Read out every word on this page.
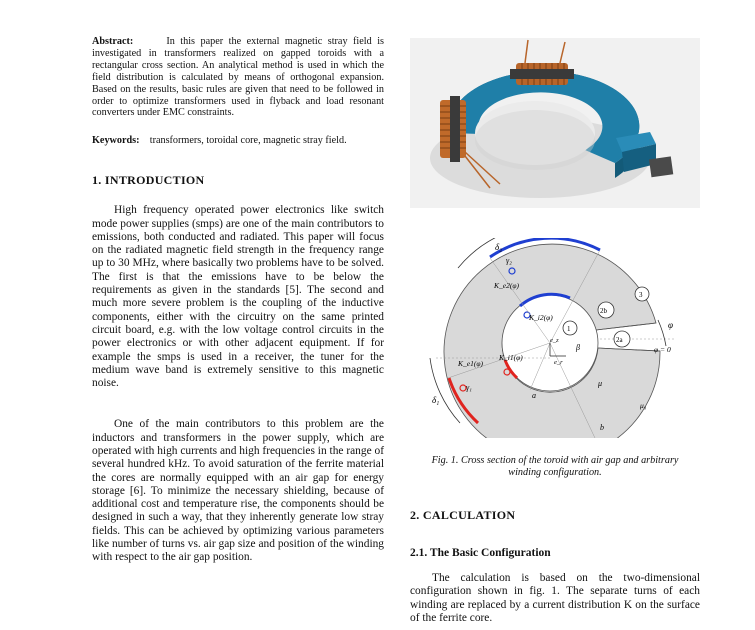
Abstract:	In this paper the external magnetic stray field is investigated in transformers realized on gapped toroids with a rectangular cross section. An analytical method is used in which the field distribution is calculated by means of orthogonal expansion. Based on the results, basic rules are given that need to be followed in order to optimize transformers used in flyback and load resonant converters under EMC constraints.

Keywords: transformers, toroidal core, magnetic stray field.

1. INTRODUCTION

High frequency operated power electronics like switch mode power supplies (smps) are one of the main contributors to emissions, both conducted and radiated. This paper will focus on the radiated magnetic field strength in the frequency range up to 30 MHz, where basically two problems have to be solved. The first is that the emissions have to be below the requirements as given in the standards [5]. The second and much more severe problem is the coupling of the inductive components, either with the circuitry on the same printed circuit board, e.g. with the low voltage control circuits in the power electronics or with other adjacent equipment. If for example the smps is used in a receiver, the tuner for the medium wave band is extremely sensitive to this magnetic noise.

One of the main contributors to this problem are the inductors and transformers in the power supply, which are operated with high currents and high frequencies in the range of several hundred kHz. To avoid saturation of the ferrite material the cores are normally equipped with an air gap for energy storage [6]. To minimize the necessary shielding, because of additional cost and temperature rise, the components should be designed in such a way, that they inherently generate low stray fields. This can be achieved by optimizing various parameters like number of turns vs. air gap size and position of the winding with respect to the air gap position.

δ₂
γ₂
K_e2(φ)
K_i2(φ)
K_e1(φ)
K_i1(φ)
γ₁
δ₁
1
2b
2a
3
φ
φ = 0
β
μ
μ₀
a
b
e_z
e_r

Fig. 1. Cross section of the toroid with air gap and arbitrary winding configuration.

2. CALCULATION
2.1. The Basic Configuration

The calculation is based on the two-dimensional configuration shown in fig. 1. The separate turns of each winding are replaced by a current distribution K on the surface of the ferrite core.
